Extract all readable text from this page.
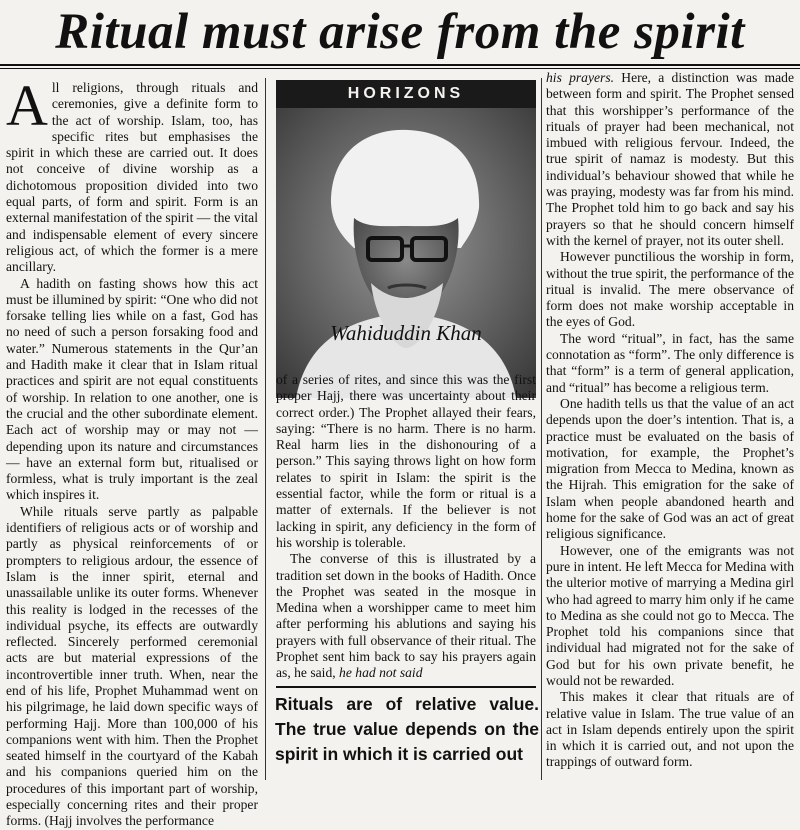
Ritual must arise from the spirit

All religions, through rituals and ceremonies, give a definite form to the act of worship. Islam, too, has specific rites but emphasises the spirit in which these are carried out. It does not conceive of divine worship as a dichotomous proposition divided into two equal parts, of form and spirit. Form is an external manifestation of the spirit — the vital and indispensable element of every sincere religious act, of which the former is a mere ancillary.

A hadith on fasting shows how this act must be illumined by spirit: “One who did not forsake telling lies while on a fast, God has no need of such a person forsaking food and water.” Numerous statements in the Qur’an and Hadith make it clear that in Islam ritual practices and spirit are not equal constituents of worship. In relation to one another, one is the crucial and the other subordinate element. Each act of worship may or may not — depending upon its nature and circumstances — have an external form but, ritualised or formless, what is truly important is the zeal which inspires it.

While rituals serve partly as palpable identifiers of religious acts or of worship and partly as physical reinforcements of or prompters to religious ardour, the essence of Islam is the inner spirit, eternal and unassailable unlike its outer forms. Whenever this reality is lodged in the recesses of the individual psyche, its effects are outwardly reflected. Sincerely performed ceremonial acts are but material expressions of the incontrovertible inner truth. When, near the end of his life, Prophet Muhammad went on his pilgrimage, he laid down specific ways of performing Hajj. More than 100,000 of his companions went with him. Then the Prophet seated himself in the courtyard of the Kabah and his companions queried him on the procedures of this important part of worship, especially concerning rites and their proper forms. (Hajj involves the performance

HORIZONS
Wahiduddin Khan

of a series of rites, and since this was the first proper Hajj, there was uncertainty about their correct order.) The Prophet allayed their fears, saying: “There is no harm. There is no harm. Real harm lies in the dishonouring of a person.” This saying throws light on how form relates to spirit in Islam: the spirit is the essential factor, while the form or ritual is a matter of externals. If the believer is not lacking in spirit, any deficiency in the form of his worship is tolerable.

The converse of this is illustrated by a tradition set down in the books of Hadith. Once the Prophet was seated in the mosque in Medina when a worshipper came to meet him after performing his ablutions and saying his prayers with full observance of their ritual. The Prophet sent him back to say his prayers again as, he said, he had not said

Rituals are of relative value. The true value depends on the spirit in which it is carried out

his prayers. Here, a distinction was made between form and spirit. The Prophet sensed that this worshipper’s performance of the rituals of prayer had been mechanical, not imbued with religious fervour. Indeed, the true spirit of namaz is modesty. But this individual’s behaviour showed that while he was praying, modesty was far from his mind. The Prophet told him to go back and say his prayers so that he should concern himself with the kernel of prayer, not its outer shell.

However punctilious the worship in form, without the true spirit, the performance of the ritual is invalid. The mere observance of form does not make worship acceptable in the eyes of God.

The word “ritual”, in fact, has the same connotation as “form”. The only difference is that “form” is a term of general application, and “ritual” has become a religious term.

One hadith tells us that the value of an act depends upon the doer’s intention. That is, a practice must be evaluated on the basis of motivation, for example, the Prophet’s migration from Mecca to Medina, known as the Hijrah. This emigration for the sake of Islam when people abandoned hearth and home for the sake of God was an act of great religious significance.

However, one of the emigrants was not pure in intent. He left Mecca for Medina with the ulterior motive of marrying a Medina girl who had agreed to marry him only if he came to Medina as she could not go to Mecca. The Prophet told his companions since that individual had migrated not for the sake of God but for his own private benefit, he would not be rewarded.

This makes it clear that rituals are of relative value in Islam. The true value of an act in Islam depends entirely upon the spirit in which it is carried out, and not upon the trappings of outward form.
